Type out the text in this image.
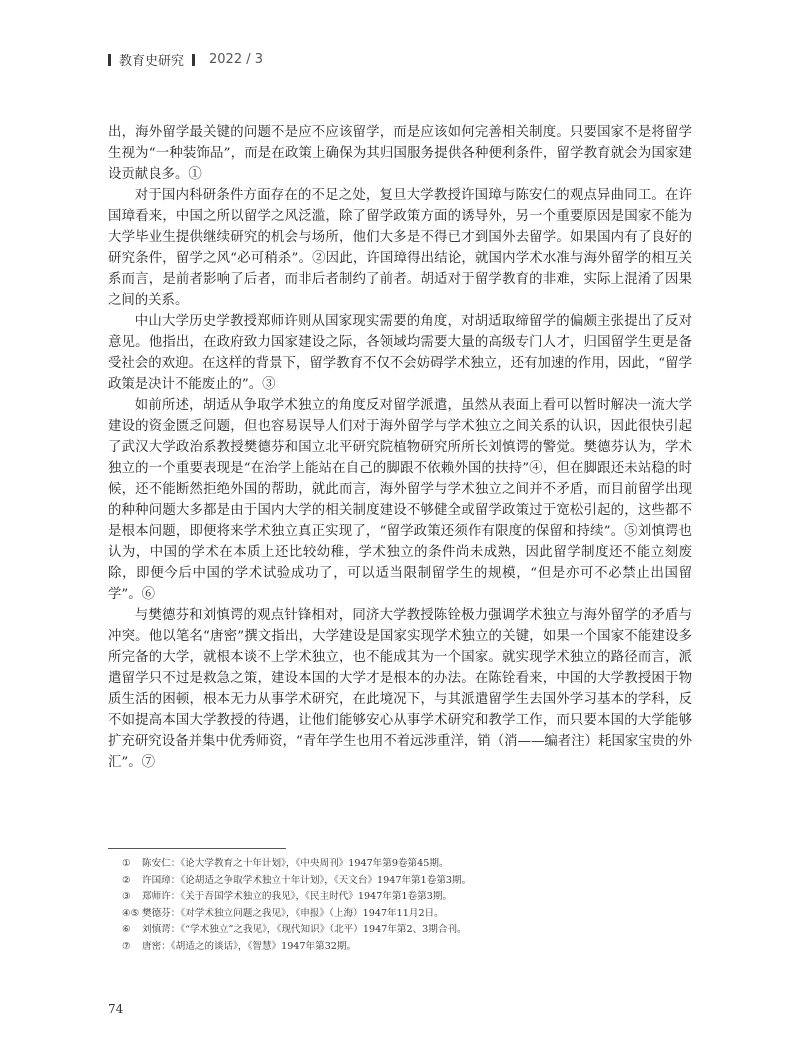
教育史研究 2022 / 3

出，海外留学最关键的问题不是应不应该留学，而是应该如何完善相关制度。只要国家不是将留学生视为“一种装饰品”，而是在政策上确保为其归国服务提供各种便利条件，留学教育就会为国家建设贡献良多。①

对于国内科研条件方面存在的不足之处，复旦大学教授许国璋与陈安仁的观点异曲同工。在许国璋看来，中国之所以留学之风泛滥，除了留学政策方面的诱导外，另一个重要原因是国家不能为大学毕业生提供继续研究的机会与场所，他们大多是不得已才到国外去留学。如果国内有了良好的研究条件，留学之风“必可稍杀”。②因此，许国璋得出结论，就国内学术水准与海外留学的相互关系而言，是前者影响了后者，而非后者制约了前者。胡适对于留学教育的非难，实际上混淆了因果之间的关系。

中山大学历史学教授郑师许则从国家现实需要的角度，对胡适取缔留学的偏颇主张提出了反对意见。他指出，在政府致力国家建设之际，各领域均需要大量的高级专门人才，归国留学生更是备受社会的欢迎。在这样的背景下，留学教育不仅不会妨碍学术独立，还有加速的作用，因此，“留学政策是决计不能废止的”。③

如前所述，胡适从争取学术独立的角度反对留学派遣，虽然从表面上看可以暂时解决一流大学建设的资金匮乏问题，但也容易误导人们对于海外留学与学术独立之间关系的认识，因此很快引起了武汉大学政治系教授樊德芬和国立北平研究院植物研究所所长刘慎谔的警觉。樊德芬认为，学术独立的一个重要表现是“在治学上能站在自己的脚跟不依赖外国的扶持”④，但在脚跟还未站稳的时候，还不能断然拒绝外国的帮助，就此而言，海外留学与学术独立之间并不矛盾，而目前留学出现的种种问题大多都是由于国内大学的相关制度建设不够健全或留学政策过于宽松引起的，这些都不是根本问题，即便将来学术独立真正实现了，“留学政策还须作有限度的保留和持续”。⑤刘慎谔也认为，中国的学术在本质上还比较幼稚，学术独立的条件尚未成熟，因此留学制度还不能立刻废除，即便今后中国的学术试验成功了，可以适当限制留学生的规模，“但是亦可不必禁止出国留学”。⑥

与樊德芬和刘慎谔的观点针锋相对，同济大学教授陈铨极力强调学术独立与海外留学的矛盾与冲突。他以笔名“唐密”撰文指出，大学建设是国家实现学术独立的关键，如果一个国家不能建设多所完备的大学，就根本谈不上学术独立，也不能成其为一个国家。就实现学术独立的路径而言，派遣留学只不过是救急之策，建设本国的大学才是根本的办法。在陈铨看来，中国的大学教授困于物质生活的困顿，根本无力从事学术研究，在此境况下，与其派遣留学生去国外学习基本的学科，反不如提高本国大学教授的待遇，让他们能够安心从事学术研究和教学工作，而只要本国的大学能够扩充研究设备并集中优秀师资，“青年学生也用不着远涉重洋，销（消——编者注）耗国家宝贵的外汇”。⑦

① 陈安仁：《论大学教育之十年计划》，《中央周刊》1947年第9卷第45期。
② 许国璋：《论胡适之争取学术独立十年计划》，《天文台》1947年第1卷第3期。
③ 郑师许：《关于吾国学术独立的我见》，《民主时代》1947年第1卷第3期。
④⑤ 樊德芬：《对学术独立问题之我见》，《申报》（上海）1947年11月2日。
⑥ 刘慎谔：《“学术独立”之我见》，《现代知识》（北平）1947年第2、3期合刊。
⑦ 唐密：《胡适之的谈话》，《智慧》1947年第32期。
74
